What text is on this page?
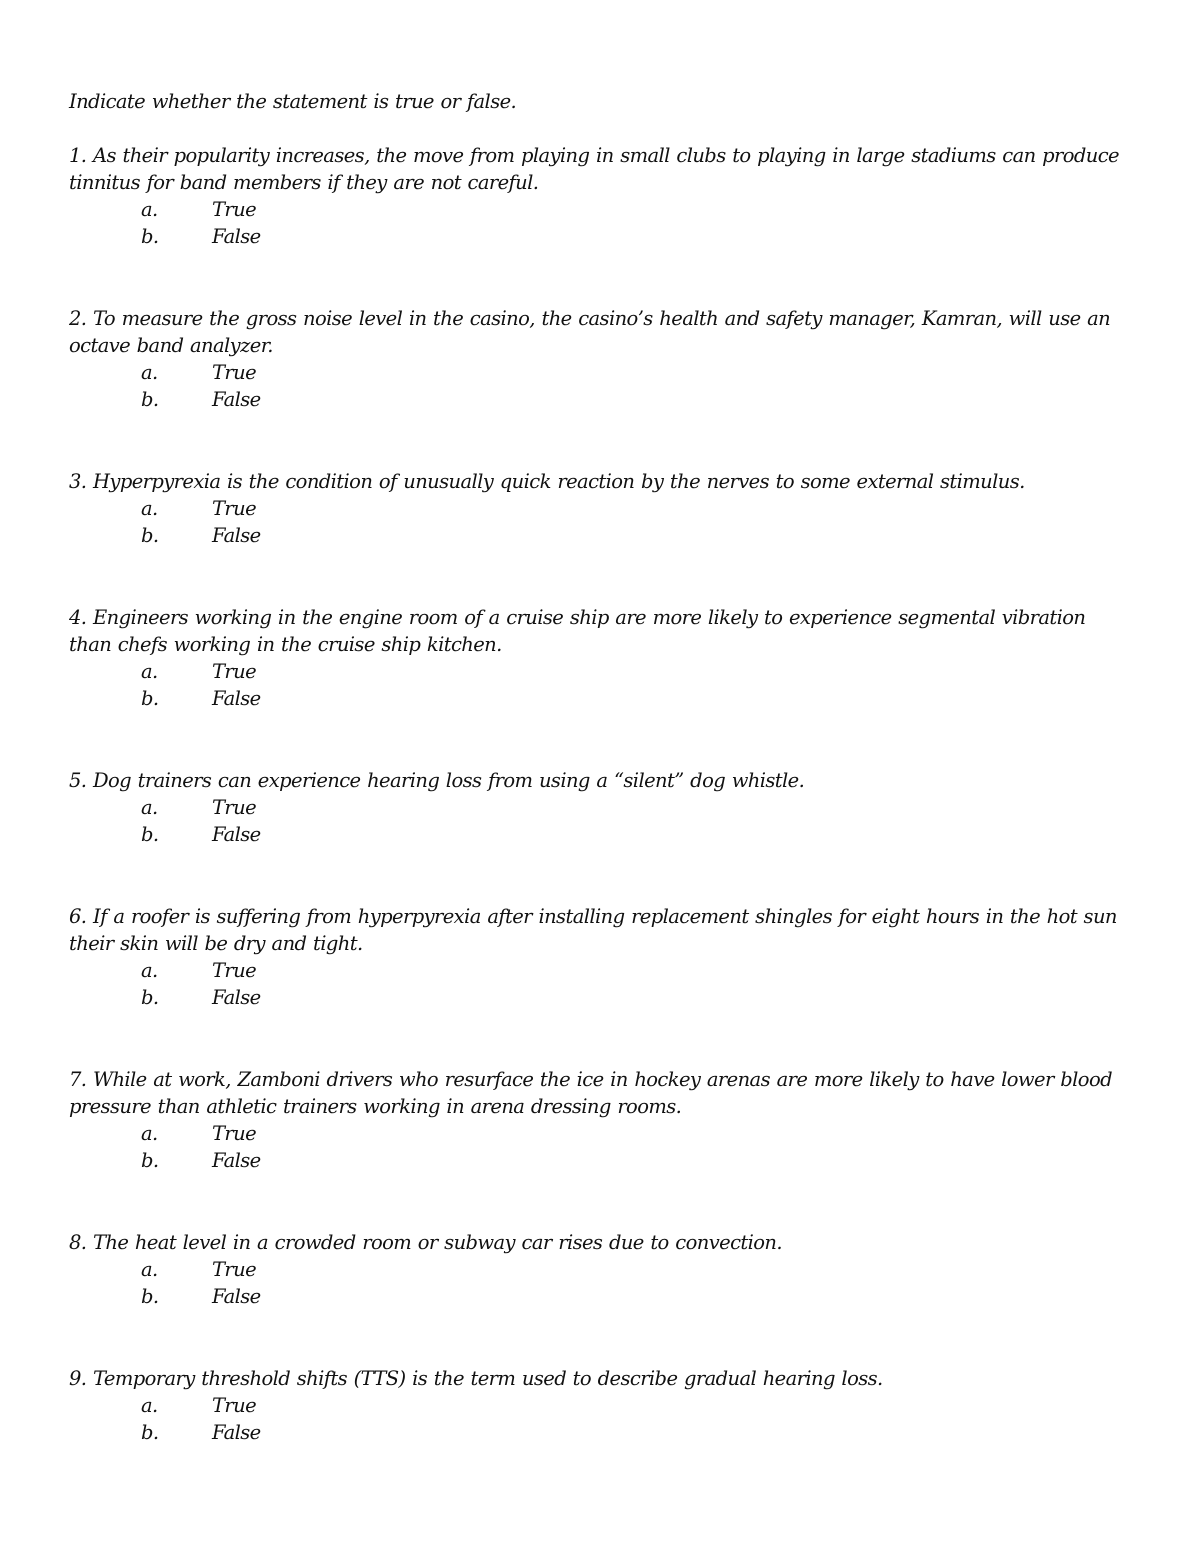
Indicate whether the statement is true or false.

1. As their popularity increases, the move from playing in small clubs to playing in large stadiums can produce tinnitus for band members if they are not careful.

a.	True
b.	False

2. To measure the gross noise level in the casino, the casino’s health and safety manager, Kamran, will use an octave band analyzer.

a.	True
b.	False

3. Hyperpyrexia is the condition of unusually quick reaction by the nerves to some external stimulus.

a.	True
b.	False

4. Engineers working in the engine room of a cruise ship are more likely to experience segmental vibration than chefs working in the cruise ship kitchen.

a.	True
b.	False

5. Dog trainers can experience hearing loss from using a “silent” dog whistle.

a.	True
b.	False

6. If a roofer is suffering from hyperpyrexia after installing replacement shingles for eight hours in the hot sun their skin will be dry and tight.

a.	True
b.	False

7. While at work, Zamboni drivers who resurface the ice in hockey arenas are more likely to have lower blood pressure than athletic trainers working in arena dressing rooms.

a.	True
b.	False

8. The heat level in a crowded room or subway car rises due to convection.

a.	True
b.	False

9. Temporary threshold shifts (TTS) is the term used to describe gradual hearing loss.

a.	True
b.	False
